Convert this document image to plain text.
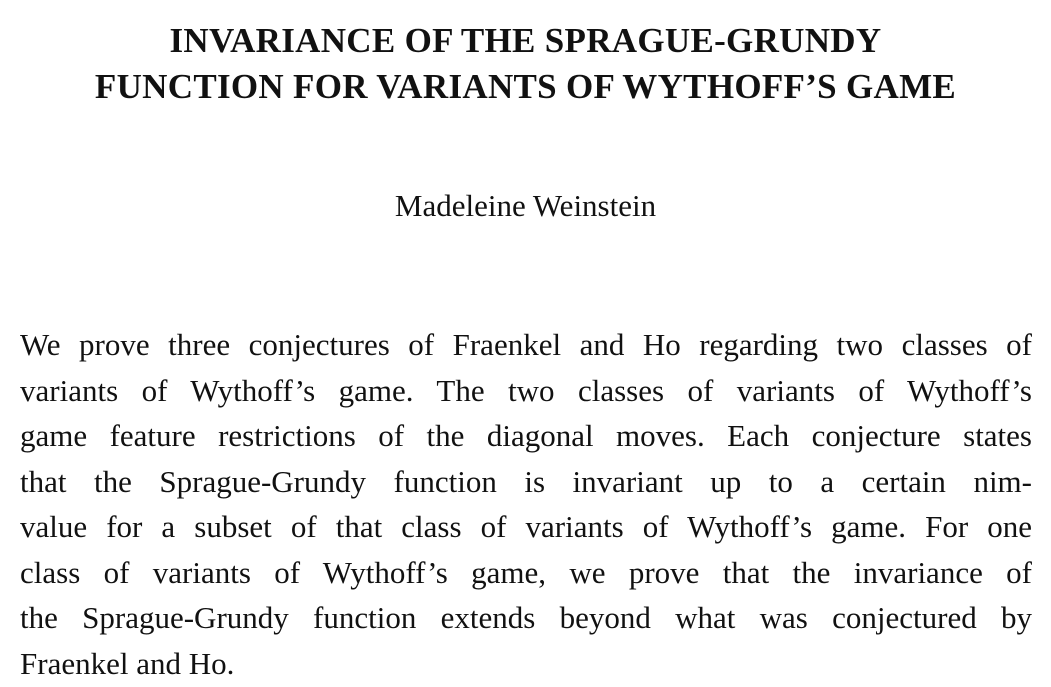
INVARIANCE OF THE SPRAGUE-GRUNDY
FUNCTION FOR VARIANTS OF WYTHOFF’S GAME
Madeleine Weinstein

We prove three conjectures of Fraenkel and Ho regarding two classes of
variants of Wythoff’s game. The two classes of variants of Wythoff’s
game feature restrictions of the diagonal moves. Each conjecture states
that the Sprague-Grundy function is invariant up to a certain nim-
value for a subset of that class of variants of Wythoff’s game. For one
class of variants of Wythoff’s game, we prove that the invariance of
the Sprague-Grundy function extends beyond what was conjectured by
Fraenkel and Ho.
